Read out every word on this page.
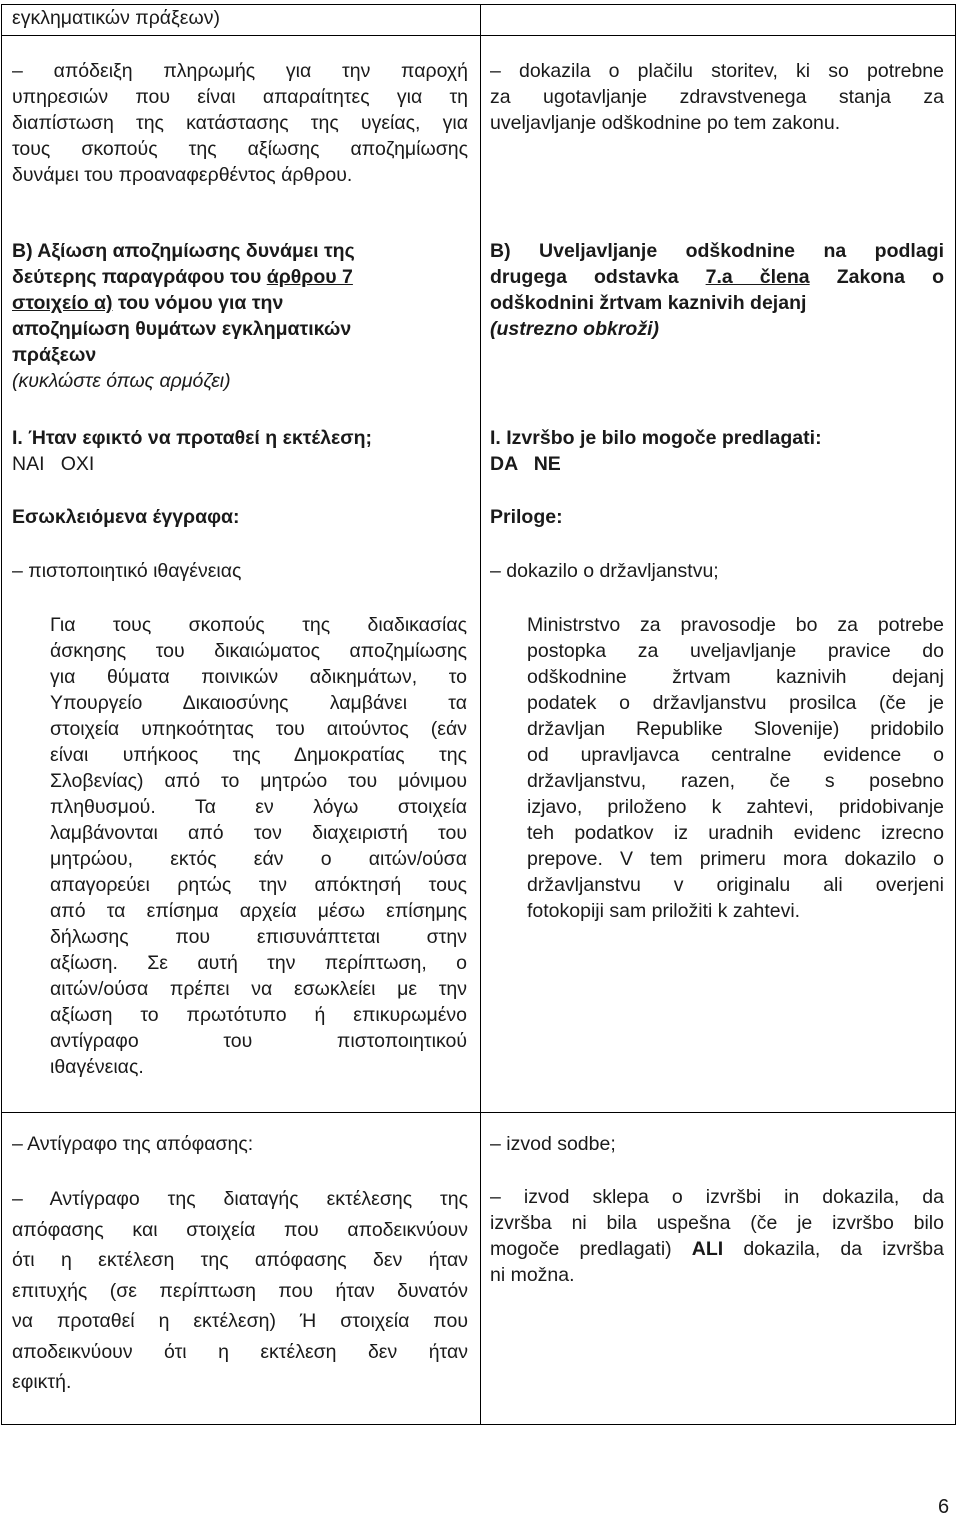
εγκληματικών πράξεων)
– απόδειξη πληρωμής για την παροχή
υπηρεσιών που είναι απαραίτητες για τη
διαπίστωση της κατάστασης της υγείας, για
τους σκοπούς της αξίωσης αποζημίωσης
δυνάμει του προαναφερθέντος άρθρου.
Β) Αξίωση αποζημίωσης δυνάμει της
δεύτερης παραγράφου του άρθρου 7
στοιχείο α) του νόμου για την
αποζημίωση θυμάτων εγκληματικών
πράξεων
(κυκλώστε όπως αρμόζει)
I. Ήταν εφικτό να προταθεί η εκτέλεση;
ΝΑΙ   ΟΧΙ
Εσωκλειόμενα έγγραφα:
– πιστοποιητικό ιθαγένειας
Για τους σκοπούς της διαδικασίας
άσκησης του δικαιώματος αποζημίωσης
για θύματα ποινικών αδικημάτων, το
Υπουργείο Δικαιοσύνης λαμβάνει τα
στοιχεία υπηκοότητας του αιτούντος (εάν
είναι υπήκοος της Δημοκρατίας της
Σλοβενίας) από το μητρώο του μόνιμου
πληθυσμού. Τα εν λόγω στοιχεία
λαμβάνονται από τον διαχειριστή του
μητρώου, εκτός εάν ο αιτών/ούσα
απαγορεύει ρητώς την απόκτησή τους
από τα επίσημα αρχεία μέσω επίσημης
δήλωσης που επισυνάπτεται στην
αξίωση. Σε αυτή την περίπτωση, ο
αιτών/ούσα πρέπει να εσωκλείει με την
αξίωση το πρωτότυπο ή επικυρωμένο
αντίγραφο του πιστοποιητικού
ιθαγένειας.
– Αντίγραφο της απόφασης:
– Αντίγραφο της διαταγής εκτέλεσης της
απόφασης και στοιχεία που αποδεικνύουν
ότι η εκτέλεση της απόφασης δεν ήταν
επιτυχής (σε περίπτωση που ήταν δυνατόν
να προταθεί η εκτέλεση) Ή στοιχεία που
αποδεικνύουν ότι η εκτέλεση δεν ήταν
εφικτή.
– dokazila o plačilu storitev, ki so potrebne
za ugotavljanje zdravstvenega stanja za
uveljavljanje odškodnine po tem zakonu.
B) Uveljavljanje odškodnine na podlagi
drugega odstavka 7.a člena Zakona o
odškodnini žrtvam kaznivih dejanj
(ustrezno obkroži)
I. Izvršbo je bilo mogoče predlagati:
DA   NE
Priloge:
– dokazilo o državljanstvu;
Ministrstvo za pravosodje bo za potrebe
postopka za uveljavljanje pravice do
odškodnine žrtvam kaznivih dejanj
podatek o državljanstvu prosilca (če je
državljan Republike Slovenije) pridobilo
od upravljavca centralne evidence o
državljanstvu, razen, če s posebno
izjavo, priloženo k zahtevi, pridobivanje
teh podatkov iz uradnih evidenc izrecno
prepove. V tem primeru mora dokazilo o
državljanstvu v originalu ali overjeni
fotokopiji sam priložiti k zahtevi.
– izvod sodbe;
– izvod sklepa o izvršbi in dokazila, da
izvršba ni bila uspešna (če je izvršbo bilo
mogoče predlagati) ALI dokazila, da izvršba
ni možna.
6
